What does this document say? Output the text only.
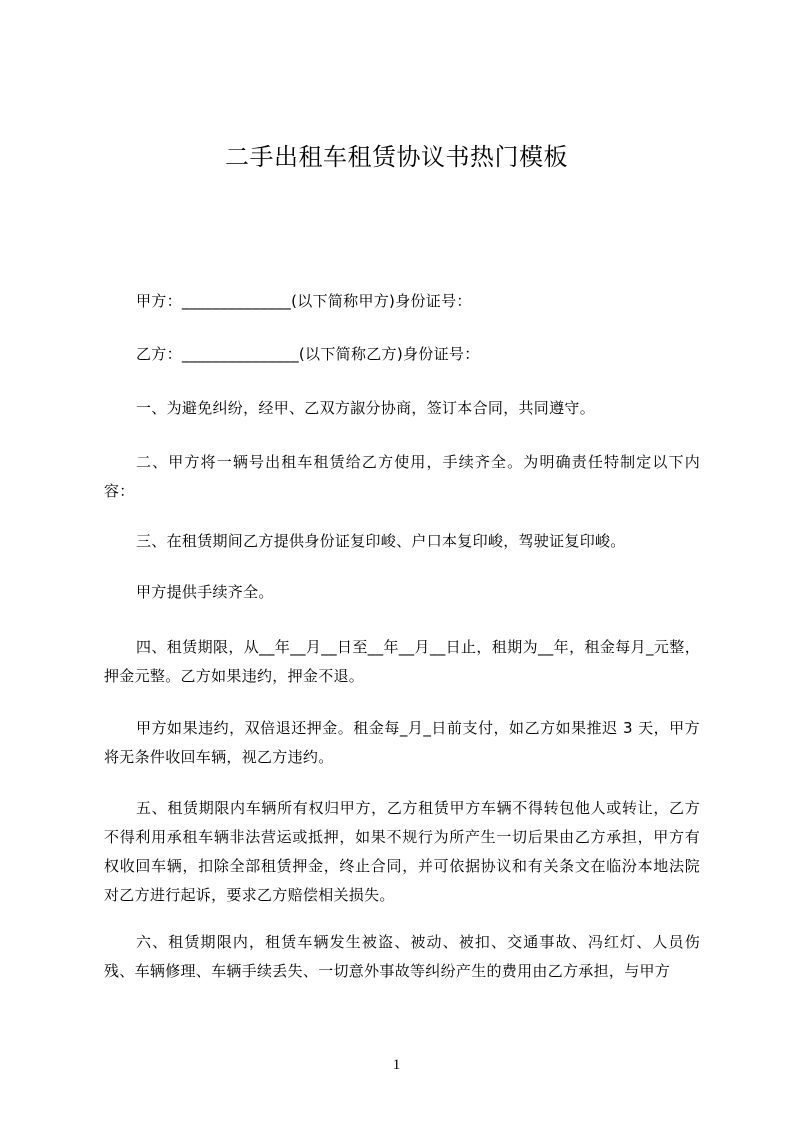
二手出租车租赁协议书热门模板

甲方：______________(以下简称甲方)身份证号：

乙方：_______________(以下简称乙方)身份证号：

一、为避免纠纷，经甲、乙双方諔分协商，签订本合同，共同遵守。

二、甲方将一辆号出租车租赁给乙方使用，手续齐全。为明确责任特制定以下内容：

三、在租赁期间乙方提供身份证复印峻、户口本复印峻，驾驶证复印峻。

甲方提供手续齐全。

四、租赁期限，从__年__月__日至__年__月__日止，租期为__年，租金每月_元整，押金元整。乙方如果违约，押金不退。

甲方如果违约，双倍退还押金。租金每_月_日前支付，如乙方如果推迟 3 天，甲方将无条件收回车辆，视乙方违约。

五、租赁期限内车辆所有权归甲方，乙方租赁甲方车辆不得转包他人或转让，乙方不得利用承租车辆非法营运或抵押，如果不规行为所产生一切后果由乙方承担，甲方有权收回车辆，扣除全部租赁押金，终止合同，并可依据协议和有关条文在临汾本地法院对乙方进行起诉，要求乙方赔偿相关损失。

六、租赁期限内，租赁车辆发生被盗、被动、被扣、交通事故、冯红灯、人员伤残、车辆修理、车辆手续丢失、一切意外事故等纠纷产生的费用由乙方承担，与甲方

1
